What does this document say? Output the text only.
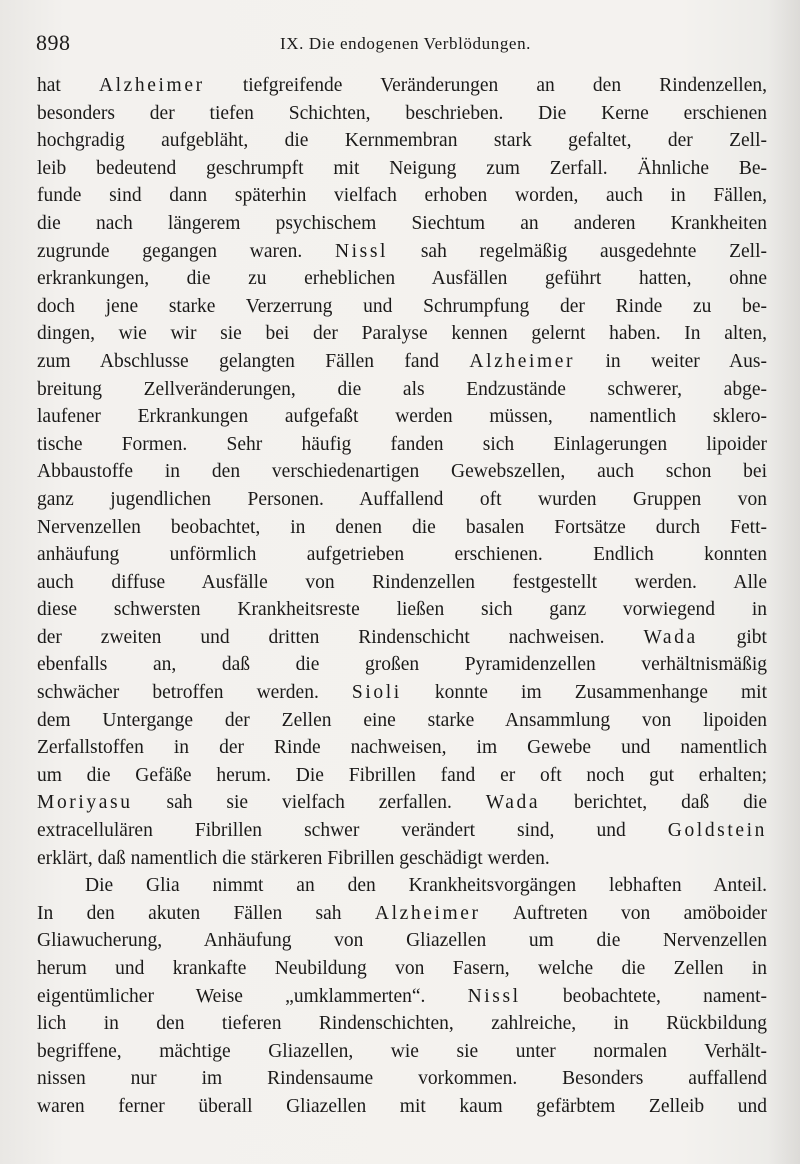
898	IX. Die endogenen Verblödungen.
hat Alzheimer tiefgreifende Veränderungen an den Rindenzellen,
besonders der tiefen Schichten, beschrieben. Die Kerne erschienen
hochgradig aufgebläht, die Kernmembran stark gefaltet, der Zell-
leib bedeutend geschrumpft mit Neigung zum Zerfall. Ähnliche Be-
funde sind dann späterhin vielfach erhoben worden, auch in Fällen,
die nach längerem psychischem Siechtum an anderen Krankheiten
zugrunde gegangen waren. Nissl sah regelmäßig ausgedehnte Zell-
erkrankungen, die zu erheblichen Ausfällen geführt hatten, ohne
doch jene starke Verzerrung und Schrumpfung der Rinde zu be-
dingen, wie wir sie bei der Paralyse kennen gelernt haben. In alten,
zum Abschlusse gelangten Fällen fand Alzheimer in weiter Aus-
breitung Zellveränderungen, die als Endzustände schwerer, abge-
laufener Erkrankungen aufgefaßt werden müssen, namentlich sklero-
tische Formen. Sehr häufig fanden sich Einlagerungen lipoider
Abbaustoffe in den verschiedenartigen Gewebszellen, auch schon bei
ganz jugendlichen Personen. Auffallend oft wurden Gruppen von
Nervenzellen beobachtet, in denen die basalen Fortsätze durch Fett-
anhäufung unförmlich aufgetrieben erschienen. Endlich konnten
auch diffuse Ausfälle von Rindenzellen festgestellt werden. Alle
diese schwersten Krankheitsreste ließen sich ganz vorwiegend in
der zweiten und dritten Rindenschicht nachweisen. Wada gibt
ebenfalls an, daß die großen Pyramidenzellen verhältnismäßig
schwächer betroffen werden. Sioli konnte im Zusammenhange mit
dem Untergange der Zellen eine starke Ansammlung von lipoiden
Zerfallstoffen in der Rinde nachweisen, im Gewebe und namentlich
um die Gefäße herum. Die Fibrillen fand er oft noch gut erhalten;
Moriyasu sah sie vielfach zerfallen. Wada berichtet, daß die
extracellulären Fibrillen schwer verändert sind, und Goldstein
erklärt, daß namentlich die stärkeren Fibrillen geschädigt werden.
Die Glia nimmt an den Krankheitsvorgängen lebhaften Anteil.
In den akuten Fällen sah Alzheimer Auftreten von amöboider
Gliawucherung, Anhäufung von Gliazellen um die Nervenzellen
herum und krankafte Neubildung von Fasern, welche die Zellen in
eigentümlicher Weise „umklammerten“. Nissl beobachtete, nament-
lich in den tieferen Rindenschichten, zahlreiche, in Rückbildung
begriffene, mächtige Gliazellen, wie sie unter normalen Verhält-
nissen nur im Rindensaume vorkommen. Besonders auffallend
waren ferner überall Gliazellen mit kaum gefärbtem Zelleib und
